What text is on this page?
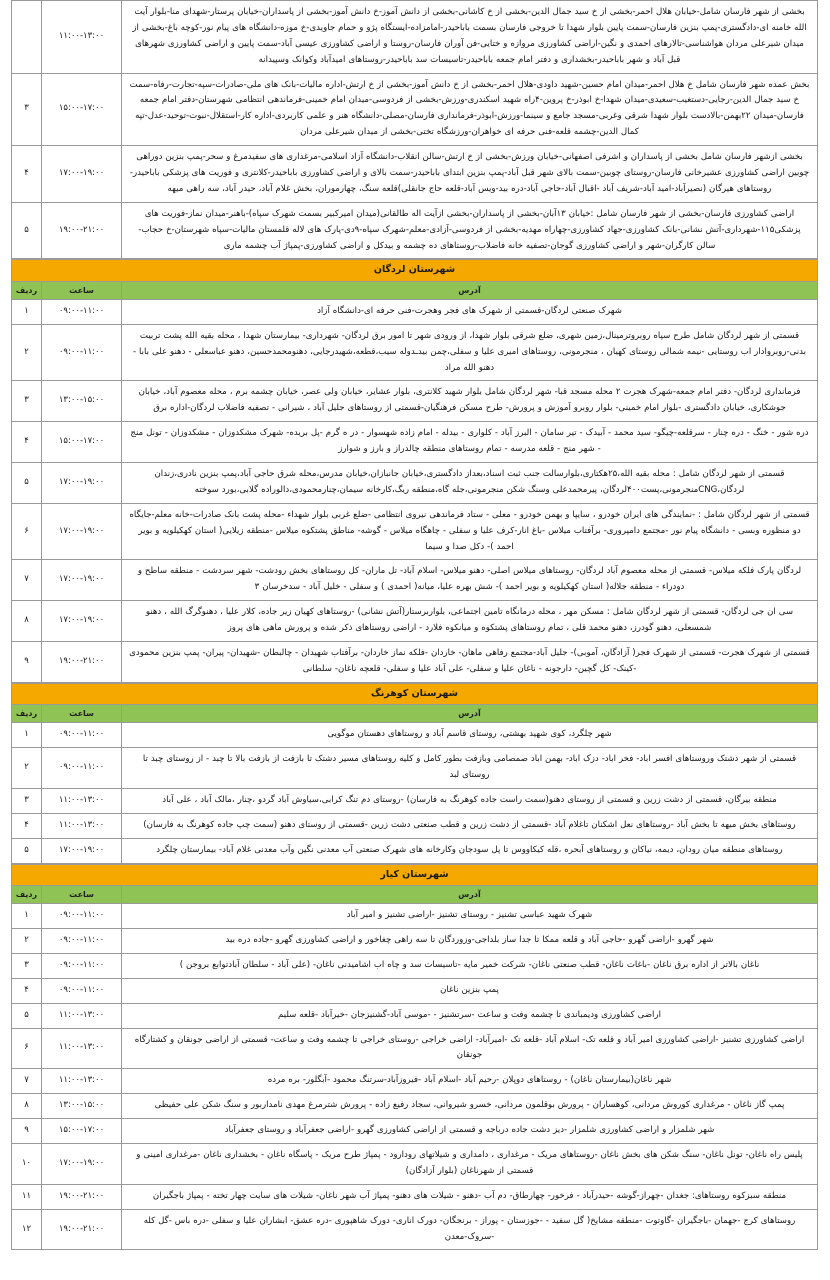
بخشی از شهر فارسان شامل-خیابان هلال احمر-بخشی از خ سید جمال الدین-بخشی از خ کاشانی-بخشی از دانش آموز-خ دانش آموز-بخشی از پاسداران-خیابان پرستار-شهدای منا-بلوار آیت الله خامنه ای-دادگستری-پمپ بنزین فارسان-سمت پایین بلوار شهدا تا خروجی فارسان بسمت باباحیدر-امامزاده-ایستگاه پژو و حمام جاویدی-خ موزه-دانشگاه های پیام نور-کوچه باغ-بخشی از میدان شیرعلی مردان هواشناسی-تالارهای احمدی و نگین-اراضی کشاورزی مروازه و ختایی-فن آوران فارسان-روستا و اراضی کشاورزی عیسی آباد-سمت پایین و اراضی کشاورزی شهرهای قبل آباد و شهر باباحیدر-بخشداری و دفتر امام جمعه باباحیدر-تاسیسات سد باباحیدر-روستاهای امیدآباد وکوانک وسپیدانه	۱۱:۰۰-۱۳:۰۰	
بخش عمده شهر فارسان شامل خ هلال احمر-میدان امام حسین-شهید داودی-هلال احمر-بخشی از خ دانش آموز-بخشی از خ ارتش-اداره مالیات-بانک های ملی-صادرات-سپه-تجارت-رفاه-سمت خ سید جمال الدین-رجایی-دستغیب-سعیدی-میدان شهدا-خ ابوذر-خ پروین-۴راه شهید اسکندری-ورزش-بخشی از فردوسی-میدان امام خمینی-فرماندهی انتظامی شهرستان-دفتر امام جمعه فارسان-میدان ۲۲بهمن-بالادست بلوار شهدا شرقی وغربی-مسجد جامع و سینما-ورزش-ابوذر-فرمانداری فارسان-مصلی-دانشگاه هنر و علمی کاربردی-اداره کار-استقلال-نبوت-توحید-عدل-تپه کمال الدین-چشمه قلعه-فنی حرفه ای خواهران-ورزشگاه تختی-بخشی از میدان شیرعلی مردان	۱۵:۰۰-۱۷:۰۰	۳
بخشی ازشهر فارسان شامل بخشی از پاسداران و اشرفی اصفهانی-خیابان ورزش-بخشی از خ ارتش-سالن انقلاب-دانشگاه آزاد اسلامی-مرغداری های سفیدمرغ و سحر-پمپ بنزین دوراهی چوبین اراضی کشاورزی عشیرخانی فارسان-روستای چوبین-سمت بالای شهر قبل آباد-پمپ بنزین ابتدای باباحیدر-سمت بالای و اراضی کشاورزی باباحیدر-کلانتری و فوریت های پزشکی باباحیدر-روستاهای هیرگان (نصیرآباد-امید آباد-شریف آباد -اقبال آباد-حاجی آباد-دره بید-ویس آباد-قلعه حاج جانقلی)قلعه سنگ، چهارموران، بخش غلام آباد، حیدر آباد، سه راهی میهه	۱۷:۰۰-۱۹:۰۰	۴
اراضی کشاورزی فارسان-بخشی از شهر فارسان شامل :خیابان ۱۳آبان-بخشی از پاسداران-بخشی ازآیت اله طالقانی(میدان امیرکبیر بسمت شهرک سپاه)-باهنر-میدان نماز-فوریت های پزشکی۱۱۵-شهرداری-آتش نشانی-بانک کشاورزی-جهاد کشاورزی-چهاراه مهدیه-بخشی از فردوسی-آزادی-معلم-شهرک سپاه-۹دی-پارک های لاله قلمستان مالیات-سپاه شهرستان-خ حجاب-سالن کارگران-شهر و اراضی کشاورزی گوجان-تصفیه خانه فاضلاب-روستاهای ده چشمه و بیدکل و اراضی کشاورزی-پمپاژ آب چشمه ماری	۱۹:۰۰-۲۱:۰۰	۵
شهرستان لردگان		
آدرس	ساعت	ردیف
شهرک صنعتی لردگان-قسمتی از شهرک های فجر وهجرت-فنی حرفه ای-دانشگاه آزاد	۰۹:۰۰-۱۱:۰۰	۱
قسمتی از شهر لردگان شامل طرح سپاه روبروترمینال،زمین شهری، ضلع شرقی بلوار شهدا، از ورودی شهر تا امور برق لردگان- شهرداری- بیمارستان شهدا ، محله بقیه الله پشت تربیت بدنی-روبروادار اب روستایی -نیمه شمالی روستای کهیان ، منجرمونی، روستاهای امیری علیا و سفلی،چمن بیدـدوله سیب،قطعه،شهیدرجایی، دهنومحمدحسین، دهنو عباسعلی - دهنو علی بابا - دهنو الله مراد	۰۹:۰۰-۱۱:۰۰	۲
فرمانداری لردگان- دفتر امام جمعه-شهرک هجرت ۲ محله مسجد قبا- شهر لردگان شامل بلوار شهید کلانتری، بلوار عشایر، خیابان ولی عصر، خیابان چشمه برم ، محله معصوم آباد، خیابان جوشکاری، خیابان دادگستری -بلوار امام خمینی- بلوار روبرو آموزش و پرورش- طرح مسکن فرهنگیان-قسمتی از روستاهای جلیل آباد ، شیرانی - تصفیه فاضلاب لردگان-اداره برق	۱۳:۰۰-۱۵:۰۰	۳
دره شور - خنگ - دره چنار - سرقلعه-چیگو- سید محمد - آبیدک - تیر سامان - البرز آباد - کلواری - بیدله - امام زاده شهسوار - در ه گرم -پل بریده- شهرک مشکدوزان - مشکدوزان - تونل منج - شهر منج - قلعه مدرسه - تمام روستاهای منطقه چالدراز و بارز و شوارز	۱۵:۰۰-۱۷:۰۰	۴
قسمتی از شهر لردگان شامل : محله بقیه الله،۲۵هکتاری،بلوارسالت جنب ثبت اسناد،بعداز دادگستری،خیابان جانبازان،خیابان مدرس،محله شرق حاجی آباد،پمپ بنزین نادری،زندان لردگان،CNGمنجرمونی،پست۴۰۰لردگان، پیرمحمدعلی وسنگ شکن منجرمونی،جله گاه،منطقه ریگ،کارخانه سیمان،چنارمحمودی،دالوراده گلابی،بورد سوخته	۱۷:۰۰-۱۹:۰۰	۵
قسمتی از شهر لردگان شامل : -نمایندگی های ایران خودرو ، سایپا و بهمن خودرو - معلی - ستاد فرماندهی نیروی انتظامی -ضلع غربی بلوار شهداء -محله پشت بانک صادرات-خانه معلم-جایگاه دو منظوره وبسی - دانشگاه پیام نور -مجتمع دامپروری- برآفتاب میلاس -باغ انار-کرف علیا و سفلی - چاهگاه میلاس - گوشه- مناطق پشتکوه میلاس -منطقه زیلایی( استان کهکیلویه و بویر احمد )- دکل صدا و سیما	۱۷:۰۰-۱۹:۰۰	۶
لردگان پارک فلکه میلاس- قسمتی از محله معصوم آباد لردگان- روستاهای میلاس اصلی- دهنو میلاس- اسلام آباد- تل ماران- کل روستاهای بخش رودشت- شهر سردشت - منطقه ساطح و دودراء - منطقه جلاله( استان کهکیلویه و بویر احمد )- شش بهره علیا، میانه( احمدی ) و سفلی - خلیل آباد - سدخرسان ۳	۱۷:۰۰-۱۹:۰۰	۷
سی ان جی لردگان- قسمتی از شهر لردگان شامل : مسکن مهر ، محله درمانگاه تامین اجتماعی، بلواربرستار(آتش نشانی) -روستاهای کهیان زیر جاده، کلار علیا ، دهنوگرگ الله ، دهنو شمسعلی، دهنو گودرز، دهنو محمد قلی ، تمام روستاهای پشتکوه و میانکوه فلارد - اراضی روستاهای ذکر شده و پرورش ماهی های پروز	۱۷:۰۰-۱۹:۰۰	۸
قسمتی از شهرک هجرت- قسمتی از شهرک فجر( آزادگان، آموبی)- جلیل آباد-مجتمع رفاهی ماهان- خاردان -فلکه نماز خاردان- برآفتاب شهیدان - چالبطان -شهیدان- پیران- پمپ بنزین محمودی -کینک- کل گچین- دارجونه - ناغان علیا و سفلی- علی آباد علیا و سفلی- قلعچه ناغان- سلطانی	۱۹:۰۰-۲۱:۰۰	۹
شهرستان کوهرنگ		
آدرس	ساعت	ردیف
شهر چلگرد، کوی شهید بهشتی، روستای قاسم آباد و روستاهای دهستان موگویی	۰۹:۰۰-۱۱:۰۰	۱
قسمتی از شهر دشتک وروستاهای افسر اباد- فخر اباد- دزک اباد- بهمن اباد صمصامی وبازفت بطور کامل و کلیه روستاهای مسیر دشتک تا بازفت از بازفت بالا تا چبد - از روستای چبد تا روستای لبد	۰۹:۰۰-۱۱:۰۰	۲
منطقه بیرگان، قسمتی از دشت زرین و قسمتی از روستای دهنو(سمت راست جاده کوهرنگ به فارسان) -روستای دم تنگ کرابی،سیاوش آباد گردو ،چنار ،مالک آباد ، علی آباد	۱۱:۰۰-۱۳:۰۰	۳
روستاهای بخش میهه تا بخش آباد -روستاهای نعل اشکنان تاغلام آباد -قسمتی از دشت زرین و قطب صنعتی دشت زرین -قسمتی از روستای دهنو (سمت چپ جاده کوهرنگ به فارسان)	۱۱:۰۰-۱۳:۰۰	۴
روستاهای منطقه میان رودان، دیمه، نیاکان و روستاهای آبحره ،قله کیکاووس تا پل سودجان وکارخانه های شهرک صنعتی آب معدنی نگین وآب معدنی غلام آباد- بیمارستان چلگرد	۱۷:۰۰-۱۹:۰۰	۵
شهرستان کیار		
آدرس	ساعت	ردیف
شهرک شهید عباسی تشنیز - روستای تشنیز -اراضی تشنیز و امیر آباد	۰۹:۰۰-۱۱:۰۰	۱
شهر گهرو -اراضی گهرو -حاجی آباد و قلعه ممکا تا جدا ساز بلداجی-وزوردگان تا سه راهی چغاخور و اراضی کشاورزی گهرو -جاده دره بید	۰۹:۰۰-۱۱:۰۰	۲
ناغان بالاتر از اداره برق ناغان -باغات ناغان- قطب صنعتی ناغان- شرکت خمیر مایه -تاسیسات سد و چاه اب اشامیدنی ناغان- (علی آباد - سلطان آبادتوابع بروجن )	۰۹:۰۰-۱۱:۰۰	۳
پمپ بنزین ناغان	۰۹:۰۰-۱۱:۰۰	۴
اراضی کشاورزی ودیمباندی تا چشمه وفت و ساعت -سرتشنیز - -موسی آباد-گشنیزجان -خیرآباد -قلعه سلیم	۱۱:۰۰-۱۳:۰۰	۵
اراضی کشاورزی تشنیز -اراضی کشاورزی امیر آباد و قلعه تک- اسلام آباد -قلعه تک -امیرآباد- اراضی خراجی -روستای خراجی تا چشمه وفت و ساعت- قسمتی از اراضی جونقان و کشتارگاه جونقان	۱۱:۰۰-۱۳:۰۰	۶
شهر ناغان(بیمارستان ناغان) - روستاهای دوپلان -رحیم آباد -اسلام آباد -فیروزآباد-سرتنگ محمود -آبگلور- بره مرده	۱۱:۰۰-۱۳:۰۰	۷
پمپ گاز ناغان - مرغداری کوروش مردانی، کوهساران - پرورش بوقلمون مردانی، خسرو شیروانی، سجاد رفیع زاده - پرورش شترمرغ مهدی نامداربور و سنگ شکن علی حفیظی	۱۳:۰۰-۱۵:۰۰	۸
شهر شلمزار و اراضی کشاورزی شلمزار -دیز دشت جاده درباجه و قسمتی از اراضی کشاورزی گهرو -اراضی جعفرآباد و روستای جعفرآباد	۱۵:۰۰-۱۷:۰۰	۹
پلیس راه ناغان- تونل ناغان- سنگ شکن های بخش ناغان -روستاهای مریک - مرغداری ، دامداری و شیلاتهای رودارود - پمپاژ طرح مریک - پاسگاه ناغان - بخشداری ناغان -مرغداری امینی و قسمتی از شهرناغان (بلوار آزادگان)	۱۷:۰۰-۱۹:۰۰	۱۰
منطقه سبزکوه روستاهای: جغدان -چهراز-گوشه -حیدرآباد - فرخور- چهارطاق- دم آب -دهنو - شیلات های دهنو- پمپاژ آب شهر ناغان- شیلات های سایت چهار تخته - پمپاژ باجگیران	۱۹:۰۰-۲۱:۰۰	۱۱
روستاهای کرج -جهمان -باجگیران -گاوتوت -منطقه مشایخ( گل سفید - -جوزستان - پوراز - برنجگان- دورک اناری- دورک شاهپوری -دره عشق- ابشاران علیا و سفلی -دره باس -گل کله -سروک-معدن	۱۹:۰۰-۲۱:۰۰	۱۲
